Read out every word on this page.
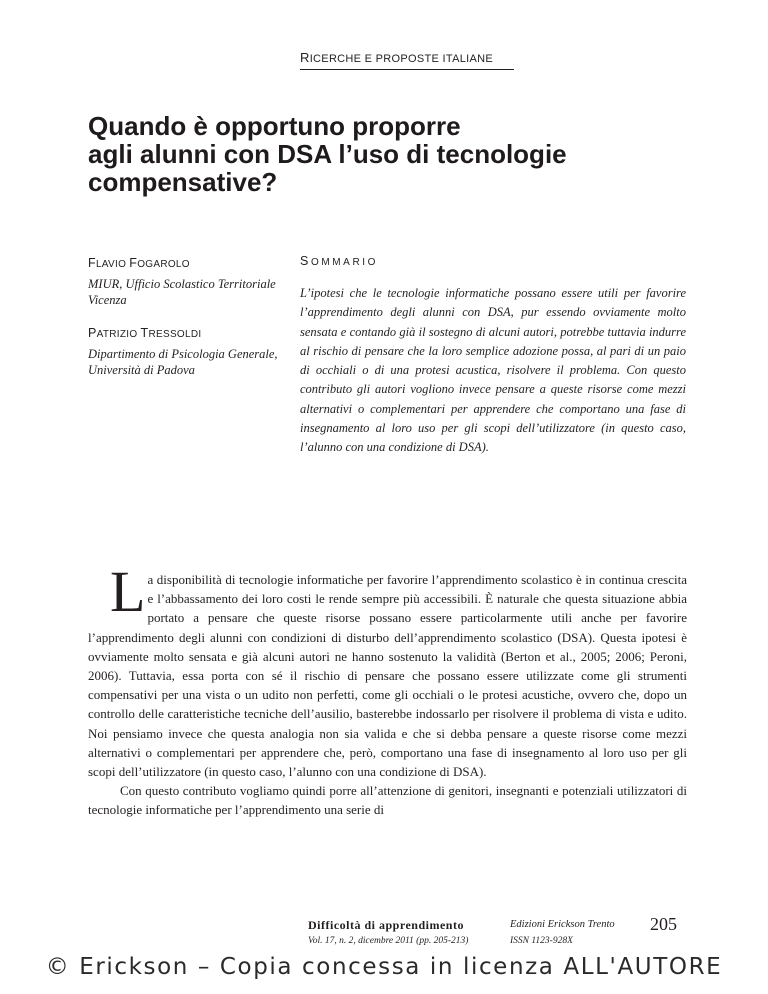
RICERCHE E PROPOSTE ITALIANE
Quando è opportuno proporre
agli alunni con DSA l’uso di tecnologie
compensative?
FLAVIO FOGAROLO
MIUR, Ufficio Scolastico Territoriale
Vicenza
PATRIZIO TRESSOLDI
Dipartimento di Psicologia Generale,
Università di Padova
SOMMARIO

L’ipotesi che le tecnologie informatiche possano essere utili per favorire l’apprendimento degli alunni con DSA, pur essendo ovviamente molto sensata e contando già il sostegno di alcuni autori, potrebbe tuttavia indurre al rischio di pensare che la loro semplice adozione possa, al pari di un paio di occhiali o di una protesi acustica, risolvere il problema. Con questo contributo gli autori vogliono invece pensare a queste risorse come mezzi alternativi o complementari per apprendere che comportano una fase di insegnamento al loro uso per gli scopi dell’utilizzatore (in questo caso, l’alunno con una condizione di DSA).

La disponibilità di tecnologie informatiche per favorire l’apprendimento scolastico è in continua crescita e l’abbassamento dei loro costi le rende sempre più accessibili. È naturale che questa situazione abbia portato a pensare che queste risorse possano essere particolarmente utili anche per favorire l’apprendimento degli alunni con condizioni di disturbo dell’apprendimento scolastico (DSA). Questa ipotesi è ovviamente molto sensata e già alcuni autori ne hanno sostenuto la validità (Berton et al., 2005; 2006; Peroni, 2006). Tuttavia, essa porta con sé il rischio di pensare che possano essere utilizzate come gli strumenti compensativi per una vista o un udito non perfetti, come gli occhiali o le protesi acustiche, ovvero che, dopo un controllo delle caratteristiche tecniche dell’ausilio, basterebbe indossarlo per risolvere il problema di vista e udito. Noi pensiamo invece che questa analogia non sia valida e che si debba pensare a queste risorse come mezzi alternativi o complementari per apprendere che, però, comportano una fase di insegnamento al loro uso per gli scopi dell’utilizzatore (in questo caso, l’alunno con una condizione di DSA).

Con questo contributo vogliamo quindi porre all’attenzione di genitori, insegnanti e potenziali utilizzatori di tecnologie informatiche per l’apprendimento una serie di

Difficoltà di apprendimento
Vol. 17, n. 2, dicembre 2011 (pp. 205-213)
Edizioni Erickson Trento
ISSN 1123-928X
205
© Erickson – Copia concessa in licenza ALL'AUTORE
